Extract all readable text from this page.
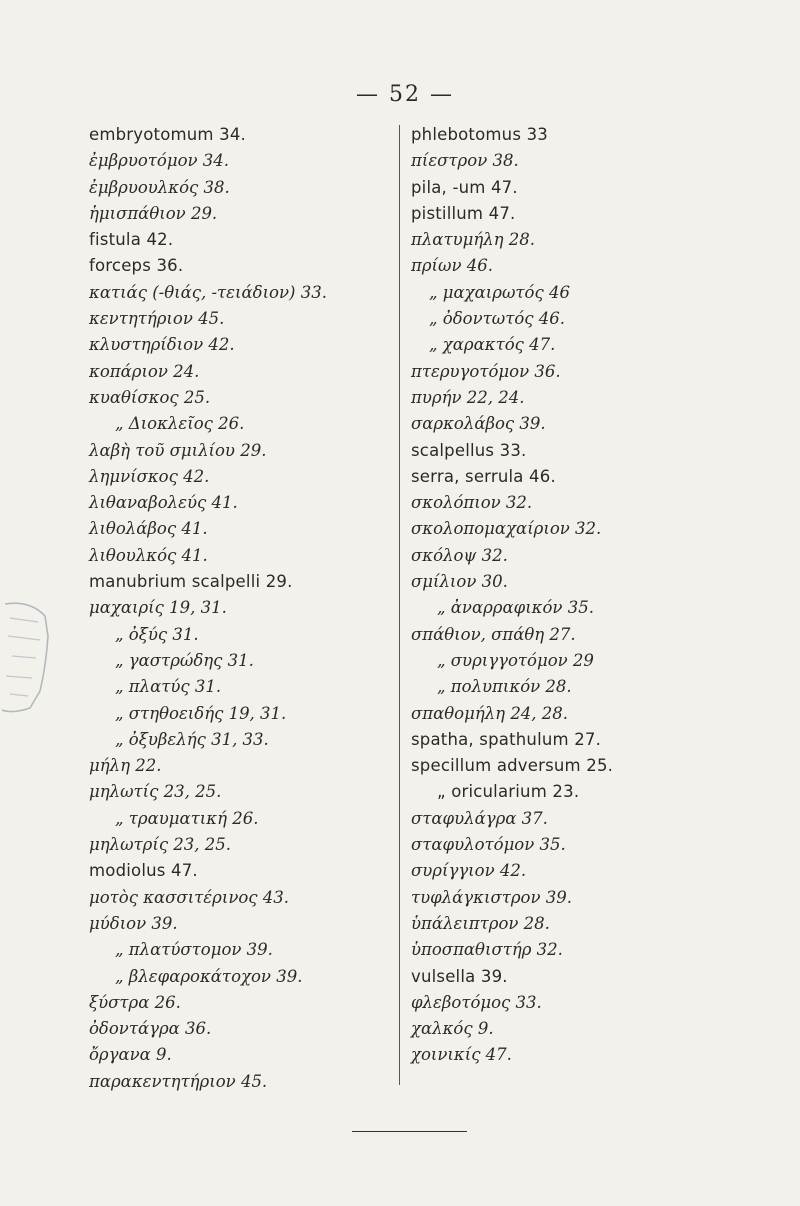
— 52 —
embryotomum 34.
ἐμβρυοτόμον 34.
ἐμβρυουλκός 38.
ἡμισπάθιον 29.
fistula 42.
forceps 36.
κατιάς (-θιάς, -τειάδιον) 33.
κεντητήριον 45.
κλυστηρίδιον 42.
κοπάριον 24.
κυαθίσκος 25.
„ Διοκλεῖος 26.
λαβὴ τοῦ σμιλίου 29.
λημνίσκος 42.
λιθαναβολεύς 41.
λιθολάβος 41.
λιθουλκός 41.
manubrium scalpelli 29.
μαχαιρίς 19, 31.
„ ὀξύς 31.
„ γαστρώδης 31.
„ πλατύς 31.
„ στηθοειδής 19, 31.
„ ὀξυβελής 31, 33.
μήλη 22.
μηλωτίς 23, 25.
„ τραυματική 26.
μηλωτρίς 23, 25.
modiolus 47.
μοτὸς κασσιτέρινος 43.
μύδιον 39.
„ πλατύστομον 39.
„ βλεφαροκάτοχον 39.
ξύστρα 26.
ὀδοντάγρα 36.
ὄργανα 9.
παρακεντητήριον 45.
phlebotomus 33
πίεστρον 38.
pila, -um 47.
pistillum 47.
πλατυμήλη 28.
πρίων 46.
„ μαχαιρωτός 46
„ ὀδοντωτός 46.
„ χαρακτός 47.
πτερυγοτόμον 36.
πυρήν 22, 24.
σαρκολάβος 39.
scalpellus 33.
serra, serrula 46.
σκολόπιον 32.
σκολοπομαχαίριον 32.
σκόλοψ 32.
σμίλιον 30.
„ ἀναρραφικόν 35.
σπάθιον, σπάθη 27.
„ συριγγοτόμον 29
„ πολυπικόν 28.
σπαθομήλη 24, 28.
spatha, spathulum 27.
specillum adversum 25.
„ oricularium 23.
σταφυλάγρα 37.
σταφυλοτόμον 35.
συρίγγιον 42.
τυφλάγκιστρον 39.
ὑπάλειπτρον 28.
ὑποσπαθιστήρ 32.
vulsella 39.
φλεβοτόμος 33.
χαλκός 9.
χοινικίς 47.
